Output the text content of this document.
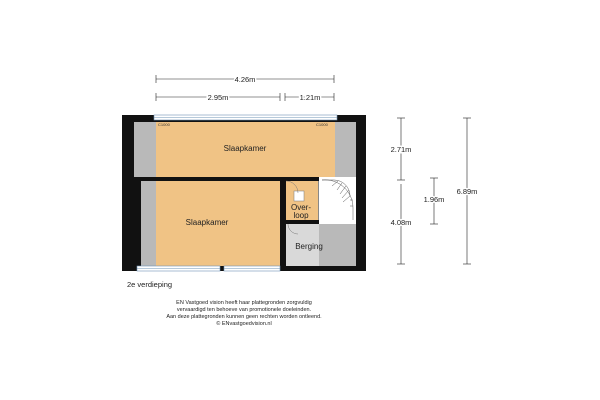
4.26m
2.95m	1.21m
2.71m
4.08m
1.96m
6.89m
C1000	C1000
Slaapkamer
Slaapkamer
Over-
loop
Berging
2e verdieping
EN Vastgoed vision heeft haar plattegronden zorgvuldig
vervaardigd ten behoeve van promotionele doeleinden.
Aan deze plattegronden kunnen geen rechten worden ontleend.
© ENvastgoedvision.nl
